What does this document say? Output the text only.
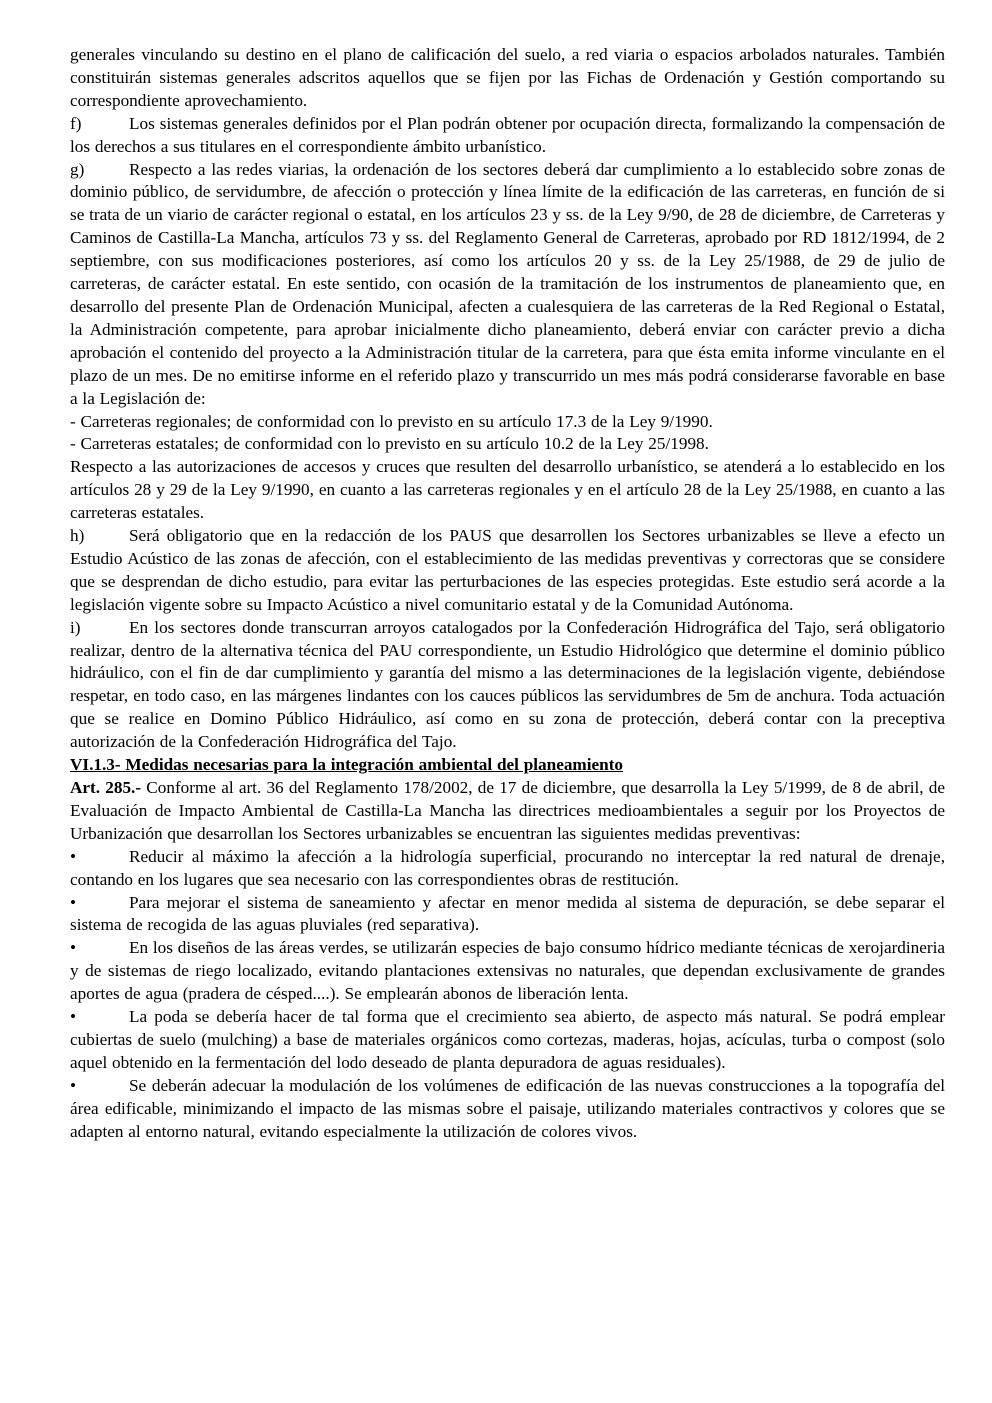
generales vinculando su destino en el plano de calificación del suelo, a red viaria o espacios arbolados naturales. También constituirán sistemas generales adscritos aquellos que se fijen por las Fichas de Ordenación y Gestión comportando su correspondiente aprovechamiento.
f)	Los sistemas generales definidos por el Plan podrán obtener por ocupación directa, formalizando la compensación de los derechos a sus titulares en el correspondiente ámbito urbanístico.
g)	Respecto a las redes viarias, la ordenación de los sectores deberá dar cumplimiento a lo establecido sobre zonas de dominio público, de servidumbre, de afección o protección y línea límite de la edificación de las carreteras, en función de si se trata de un viario de carácter regional o estatal, en los artículos 23 y ss. de la Ley 9/90, de 28 de diciembre, de Carreteras y Caminos de Castilla-La Mancha, artículos 73 y ss. del Reglamento General de Carreteras, aprobado por RD 1812/1994, de 2 septiembre, con sus modificaciones posteriores, así como los artículos 20 y ss. de la Ley 25/1988, de 29 de julio de carreteras, de carácter estatal. En este sentido, con ocasión de la tramitación de los instrumentos de planeamiento que, en desarrollo del presente Plan de Ordenación Municipal, afecten a cualesquiera de las carreteras de la Red Regional o Estatal, la Administración competente, para aprobar inicialmente dicho planeamiento, deberá enviar con carácter previo a dicha aprobación el contenido del proyecto a la Administración titular de la carretera, para que ésta emita informe vinculante en el plazo de un mes. De no emitirse informe en el referido plazo y transcurrido un mes más podrá considerarse favorable en base a la Legislación de:
- Carreteras regionales; de conformidad con lo previsto en su artículo 17.3 de la Ley 9/1990.
- Carreteras estatales; de conformidad con lo previsto en su artículo 10.2 de la Ley 25/1998.
Respecto a las autorizaciones de accesos y cruces que resulten del desarrollo urbanístico, se atenderá a lo establecido en los artículos 28 y 29 de la Ley 9/1990, en cuanto a las carreteras regionales y en el artículo 28 de la Ley 25/1988, en cuanto a las carreteras estatales.
h)	Será obligatorio que en la redacción de los PAUS que desarrollen los Sectores urbanizables se lleve a efecto un Estudio Acústico de las zonas de afección, con el establecimiento de las medidas preventivas y correctoras que se considere que se desprendan de dicho estudio, para evitar las perturbaciones de las especies protegidas. Este estudio será acorde a la legislación vigente sobre su Impacto Acústico a nivel comunitario estatal y de la Comunidad Autónoma.
i)	En los sectores donde transcurran arroyos catalogados por la Confederación Hidrográfica del Tajo, será obligatorio realizar, dentro de la alternativa técnica del PAU correspondiente, un Estudio Hidrológico que determine el dominio público hidráulico, con el fin de dar cumplimiento y garantía del mismo a las determinaciones de la legislación vigente, debiéndose respetar, en todo caso, en las márgenes lindantes con los cauces públicos las servidumbres de 5m de anchura. Toda actuación que se realice en Domino Público Hidráulico, así como en su zona de protección, deberá contar con la preceptiva autorización de la Confederación Hidrográfica del Tajo.
VI.1.3- Medidas necesarias para la integración ambiental del planeamiento
Art. 285.- Conforme al art. 36 del Reglamento 178/2002, de 17 de diciembre, que desarrolla la Ley 5/1999, de 8 de abril, de Evaluación de Impacto Ambiental de Castilla-La Mancha las directrices medioambientales a seguir por los Proyectos de Urbanización que desarrollan los Sectores urbanizables se encuentran las siguientes medidas preventivas:
•	Reducir al máximo la afección a la hidrología superficial, procurando no interceptar la red natural de drenaje, contando en los lugares que sea necesario con las correspondientes obras de restitución.
•	Para mejorar el sistema de saneamiento y afectar en menor medida al sistema de depuración, se debe separar el sistema de recogida de las aguas pluviales (red separativa).
•	En los diseños de las áreas verdes, se utilizarán especies de bajo consumo hídrico mediante técnicas de xerojardineria y de sistemas de riego localizado, evitando plantaciones extensivas no naturales, que dependan exclusivamente de grandes aportes de agua (pradera de césped....). Se emplearán abonos de liberación lenta.
•	La poda se debería hacer de tal forma que el crecimiento sea abierto, de aspecto más natural. Se podrá emplear cubiertas de suelo (mulching) a base de materiales orgánicos como cortezas, maderas, hojas, acículas, turba o compost (solo aquel obtenido en la fermentación del lodo deseado de planta depuradora de aguas residuales).
•	Se deberán adecuar la modulación de los volúmenes de edificación de las nuevas construcciones a la topografía del área edificable, minimizando el impacto de las mismas sobre el paisaje, utilizando materiales contractivos y colores que se adapten al entorno natural, evitando especialmente la utilización de colores vivos.
